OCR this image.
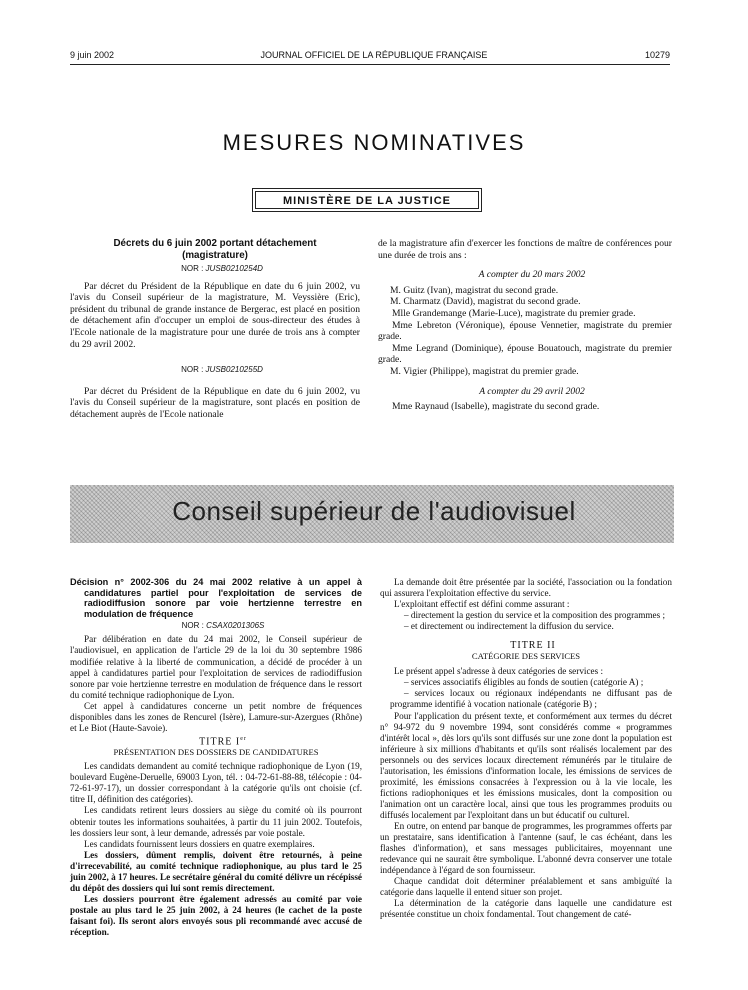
9 juin 2002	JOURNAL OFFICIEL DE LA RÉPUBLIQUE FRANÇAISE	10279
MESURES NOMINATIVES
MINISTÈRE DE LA JUSTICE

Décrets du 6 juin 2002 portant détachement (magistrature)

NOR : JUSB0210254D

Par décret du Président de la République en date du 6 juin 2002, vu l'avis du Conseil supérieur de la magistrature, M. Veyssière (Eric), président du tribunal de grande instance de Bergerac, est placé en position de détachement afin d'occuper un emploi de sous-directeur des études à l'Ecole nationale de la magistrature pour une durée de trois ans à compter du 29 avril 2002.

NOR : JUSB0210255D

Par décret du Président de la République en date du 6 juin 2002, vu l'avis du Conseil supérieur de la magistrature, sont placés en position de détachement auprès de l'Ecole nationale

de la magistrature afin d'exercer les fonctions de maître de conférences pour une durée de trois ans :

A compter du 20 mars 2002

M. Guitz (Ivan), magistrat du second grade.

M. Charmatz (David), magistrat du second grade.

Mlle Grandemange (Marie-Luce), magistrate du premier grade.

Mme Lebreton (Véronique), épouse Vennetier, magistrate du premier grade.

Mme Legrand (Dominique), épouse Bouatouch, magistrate du premier grade.

M. Vigier (Philippe), magistrat du premier grade.

A compter du 29 avril 2002

Mme Raynaud (Isabelle), magistrate du second grade.

Conseil supérieur de l'audiovisuel

Décision n° 2002-306 du 24 mai 2002 relative à un appel à candidatures partiel pour l'exploitation de services de radiodiffusion sonore par voie hertzienne terrestre en modulation de fréquence

NOR : CSAX0201306S

Par délibération en date du 24 mai 2002, le Conseil supérieur de l'audiovisuel, en application de l'article 29 de la loi du 30 septembre 1986 modifiée relative à la liberté de communication, a décidé de procéder à un appel à candidatures partiel pour l'exploitation de services de radiodiffusion sonore par voie hertzienne terrestre en modulation de fréquence dans le ressort du comité technique radiophonique de Lyon.

Cet appel à candidatures concerne un petit nombre de fréquences disponibles dans les zones de Rencurel (Isère), Lamure-sur-Azergues (Rhône) et Le Biot (Haute-Savoie).

TITRE Ier

PRÉSENTATION DES DOSSIERS DE CANDIDATURES

Les candidats demandent au comité technique radiophonique de Lyon (19, boulevard Eugène-Deruelle, 69003 Lyon, tél. : 04-72-61-88-88, télécopie : 04-72-61-97-17), un dossier correspondant à la catégorie qu'ils ont choisie (cf. titre II, définition des catégories).

Les candidats retirent leurs dossiers au siège du comité où ils pourront obtenir toutes les informations souhaitées, à partir du 11 juin 2002. Toutefois, les dossiers leur sont, à leur demande, adressés par voie postale.

Les candidats fournissent leurs dossiers en quatre exemplaires.

Les dossiers, dûment remplis, doivent être retournés, à peine d'irrecevabilité, au comité technique radiophonique, au plus tard le 25 juin 2002, à 17 heures. Le secrétaire général du comité délivre un récépissé du dépôt des dossiers qui lui sont remis directement.

Les dossiers pourront être également adressés au comité par voie postale au plus tard le 25 juin 2002, à 24 heures (le cachet de la poste faisant foi). Ils seront alors envoyés sous pli recommandé avec accusé de réception.

La demande doit être présentée par la société, l'association ou la fondation qui assurera l'exploitation effective du service.

L'exploitant effectif est défini comme assurant :

– directement la gestion du service et la composition des programmes ;

– et directement ou indirectement la diffusion du service.

TITRE II

CATÉGORIE DES SERVICES

Le présent appel s'adresse à deux catégories de services :

– services associatifs éligibles au fonds de soutien (catégorie A) ;

– services locaux ou régionaux indépendants ne diffusant pas de programme identifié à vocation nationale (catégorie B) ;

Pour l'application du présent texte, et conformément aux termes du décret n° 94-972 du 9 novembre 1994, sont considérés comme « programmes d'intérêt local », dès lors qu'ils sont diffusés sur une zone dont la population est inférieure à six millions d'habitants et qu'ils sont réalisés localement par des personnels ou des services locaux directement rémunérés par le titulaire de l'autorisation, les émissions d'information locale, les émissions de services de proximité, les émissions consacrées à l'expression ou à la vie locale, les fictions radiophoniques et les émissions musicales, dont la composition ou l'animation ont un caractère local, ainsi que tous les programmes produits ou diffusés localement par l'exploitant dans un but éducatif ou culturel.

En outre, on entend par banque de programmes, les programmes offerts par un prestataire, sans identification à l'antenne (sauf, le cas échéant, dans les flashes d'information), et sans messages publicitaires, moyennant une redevance qui ne saurait être symbolique. L'abonné devra conserver une totale indépendance à l'égard de son fournisseur.

Chaque candidat doit déterminer préalablement et sans ambiguïté la catégorie dans laquelle il entend situer son projet.

La détermination de la catégorie dans laquelle une candidature est présentée constitue un choix fondamental. Tout changement de caté-
